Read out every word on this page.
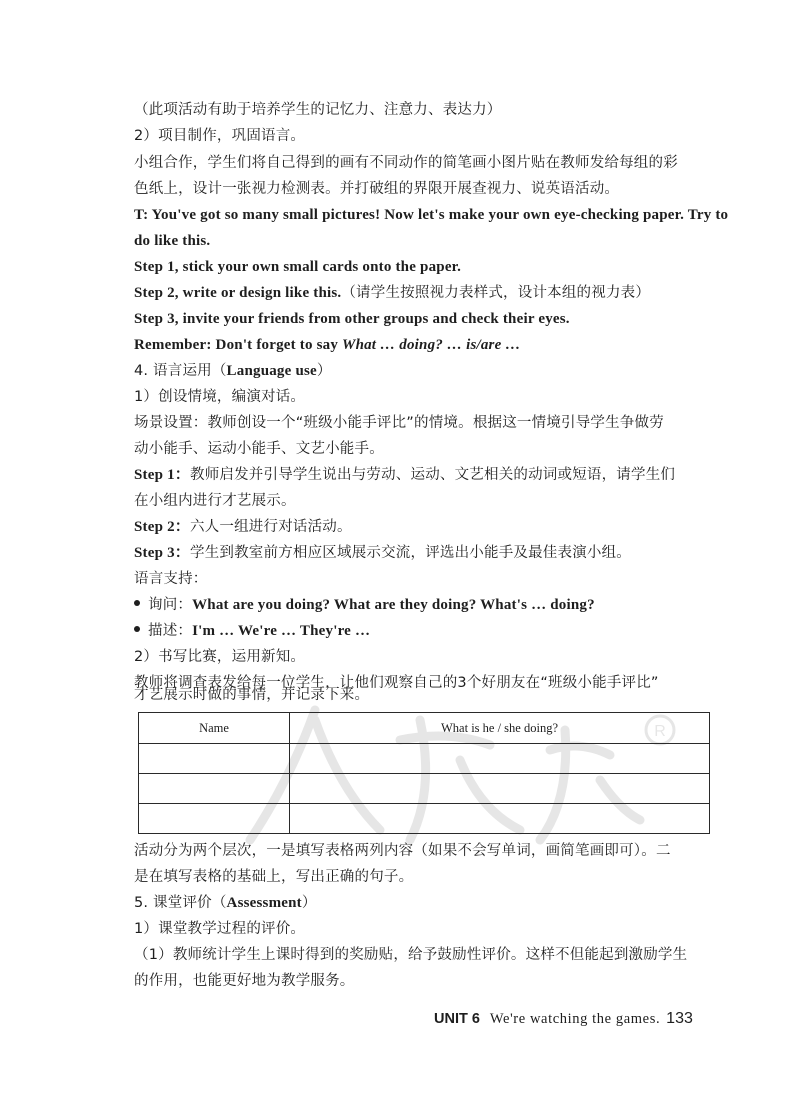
（此项活动有助于培养学生的记忆力、注意力、表达力）
2）项目制作，巩固语言。
小组合作，学生们将自己得到的画有不同动作的简笔画小图片贴在教师发给每组的彩
色纸上，设计一张视力检测表。并打破组的界限开展查视力、说英语活动。
T: You've got so many small pictures! Now let's make your own eye-checking paper. Try to
do like this.
Step 1, stick your own small cards onto the paper.
Step 2, write or design like this.（请学生按照视力表样式，设计本组的视力表）
Step 3, invite your friends from other groups and check their eyes.
Remember: Don't forget to say What … doing? … is/are …
4. 语言运用（Language use）
1）创设情境，编演对话。
场景设置：教师创设一个“班级小能手评比”的情境。根据这一情境引导学生争做劳
动小能手、运动小能手、文艺小能手。
Step 1：教师启发并引导学生说出与劳动、运动、文艺相关的动词或短语，请学生们
在小组内进行才艺展示。
Step 2：六人一组进行对话活动。
Step 3：学生到教室前方相应区域展示交流，评选出小能手及最佳表演小组。
语言支持：
询问：What are you doing? What are they doing? What's … doing?
描述：I'm … We're … They're …
2）书写比赛，运用新知。
教师将调查表发给每一位学生，让他们观察自己的3个好朋友在“班级小能手评比”
才艺展示时做的事情，并记录下来。
R
Name	What is he / she doing?

活动分为两个层次，一是填写表格两列内容（如果不会写单词，画简笔画即可）。二
是在填写表格的基础上，写出正确的句子。
5. 课堂评价（Assessment）
1）课堂教学过程的评价。
（1）教师统计学生上课时得到的奖励贴，给予鼓励性评价。这样不但能起到激励学生
的作用，也能更好地为教学服务。
UNIT 6 We're watching the games. 133
